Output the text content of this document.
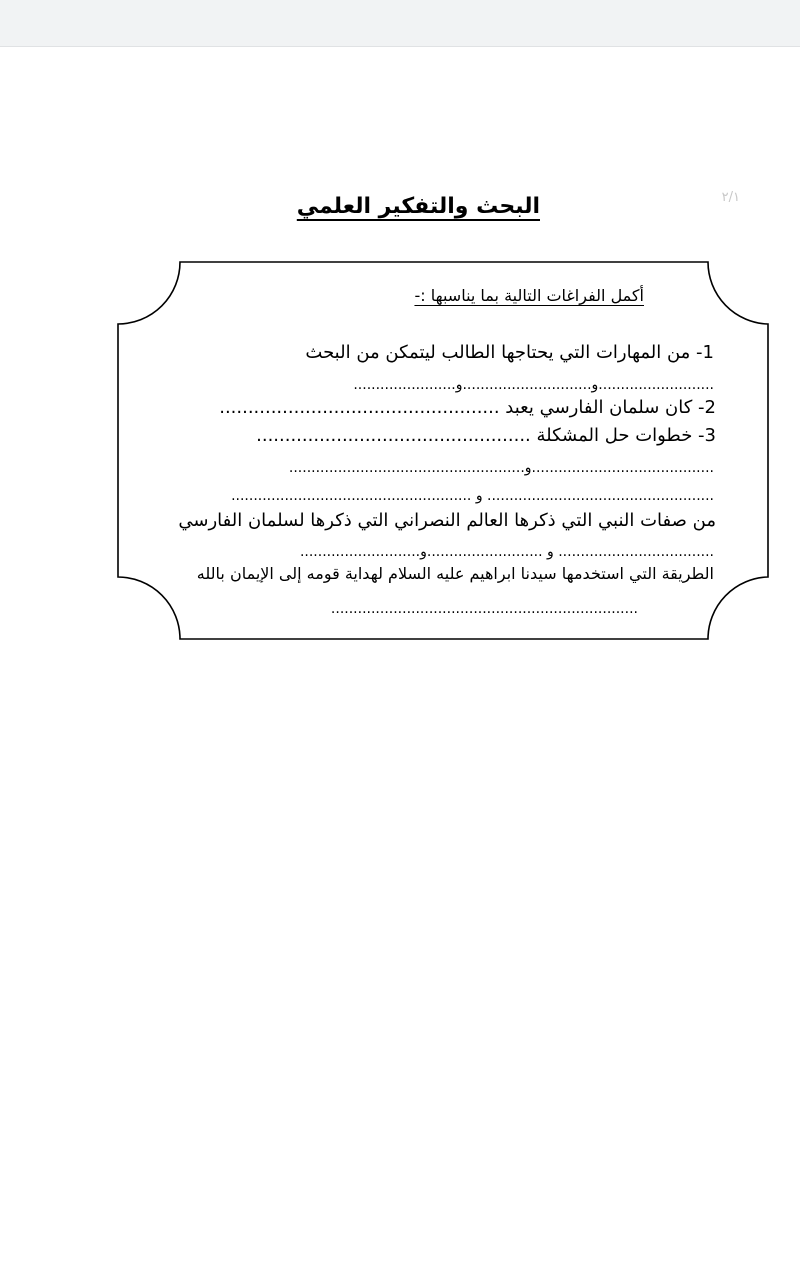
٢/١
البحث والتفكير العلمي
أكمل الفراغات التالية بما يناسبها :-
1- من المهارات التي يحتاجها الطالب ليتمكن من البحث
..........................و.............................و.......................
2- كان سلمان الفارسي يعبد .................................................
3- خطوات حل المشكلة ................................................
.........................................و.....................................................
................................................... و ......................................................
من صفات النبي التي ذكرها العالم النصراني التي ذكرها لسلمان الفارسي
................................... و ..........................و...........................
الطريقة التي استخدمها سيدنا ابراهيم عليه السلام لهداية قومه إلى الإيمان بالله
.....................................................................
